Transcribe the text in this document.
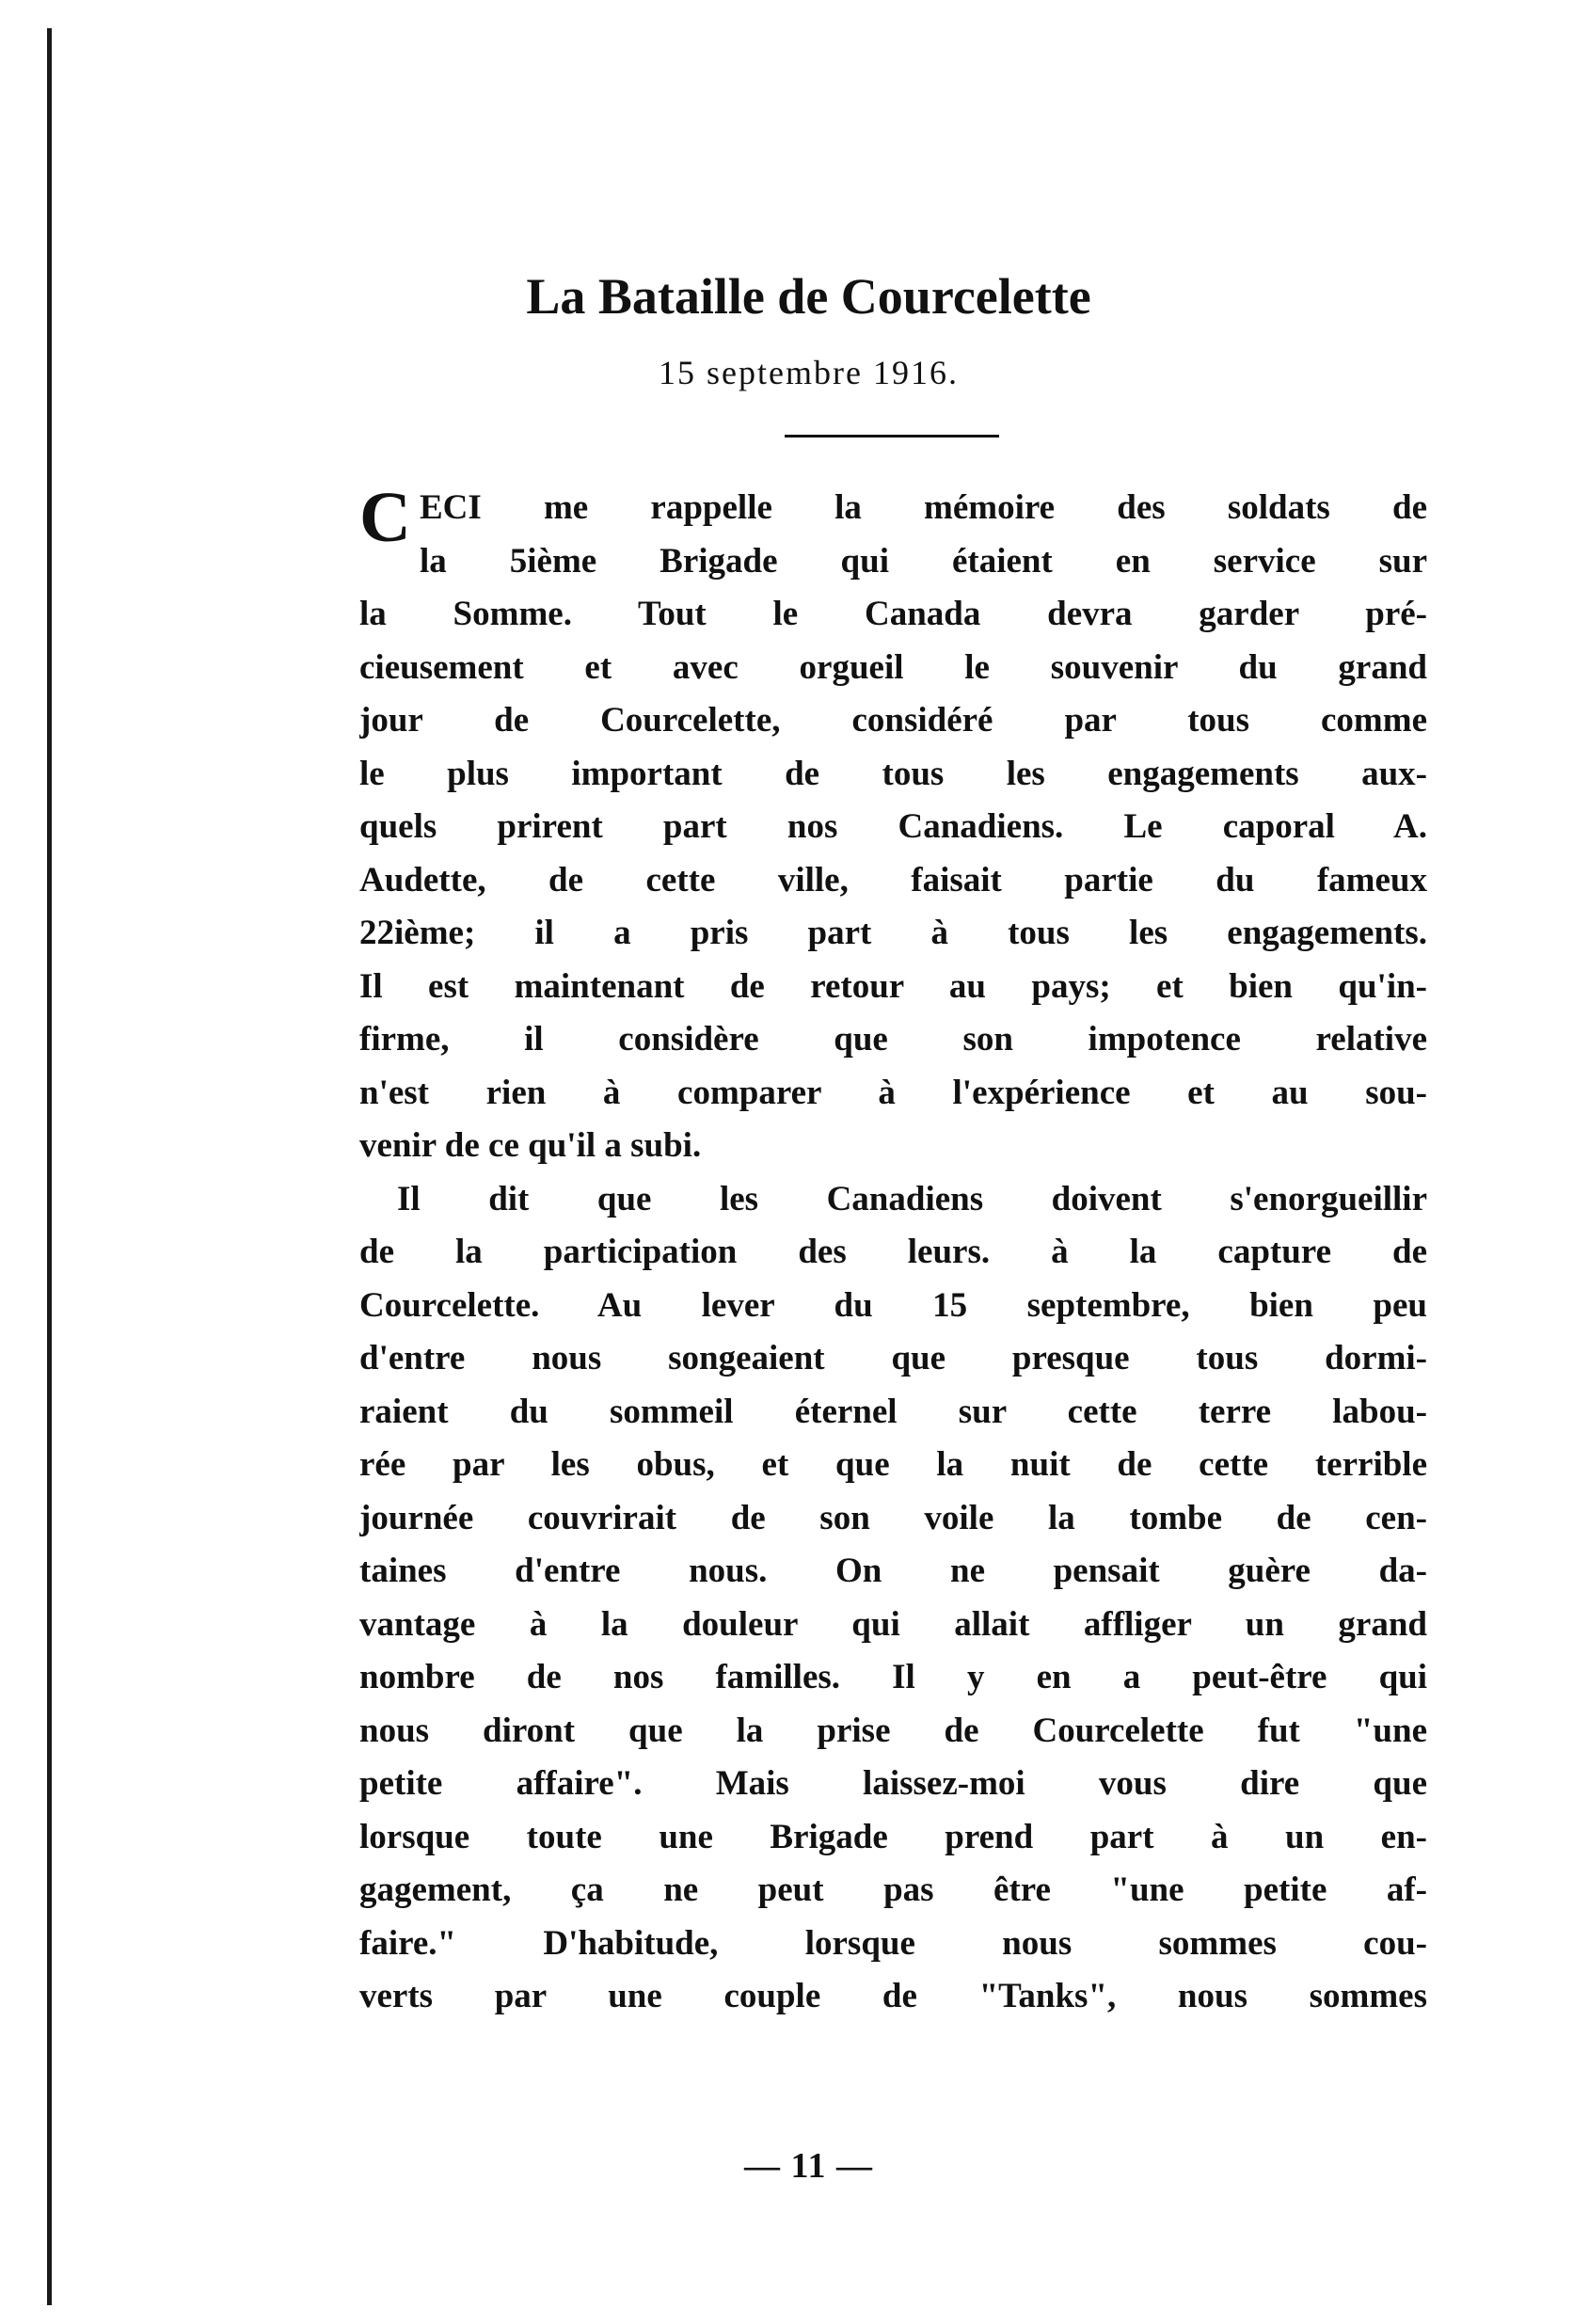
La Bataille de Courcelette
15 septembre 1916.
C ECI me rappelle la mémoire des soldats de
la 5ième Brigade qui étaient en service sur
la Somme. Tout le Canada devra garder pré-
cieusement et avec orgueil le souvenir du grand
jour de Courcelette, considéré par tous comme
le plus important de tous les engagements aux-
quels prirent part nos Canadiens. Le caporal A.
Audette, de cette ville, faisait partie du fameux
22ième; il a pris part à tous les engagements.
Il est maintenant de retour au pays; et bien qu'in-
firme, il considère que son impotence relative
n'est rien à comparer à l'expérience et au sou-
venir de ce qu'il a subi.
Il dit que les Canadiens doivent s'enorgueillir
de la participation des leurs. à la capture de
Courcelette. Au lever du 15 septembre, bien peu
d'entre nous songeaient que presque tous dormi-
raient du sommeil éternel sur cette terre labou-
rée par les obus, et que la nuit de cette terrible
journée couvrirait de son voile la tombe de cen-
taines d'entre nous. On ne pensait guère da-
vantage à la douleur qui allait affliger un grand
nombre de nos familles. Il y en a peut-être qui
nous diront que la prise de Courcelette fut "une
petite affaire". Mais laissez-moi vous dire que
lorsque toute une Brigade prend part à un en-
gagement, ça ne peut pas être "une petite af-
faire." D'habitude, lorsque nous sommes cou-
verts par une couple de "Tanks", nous sommes
— 11 —
